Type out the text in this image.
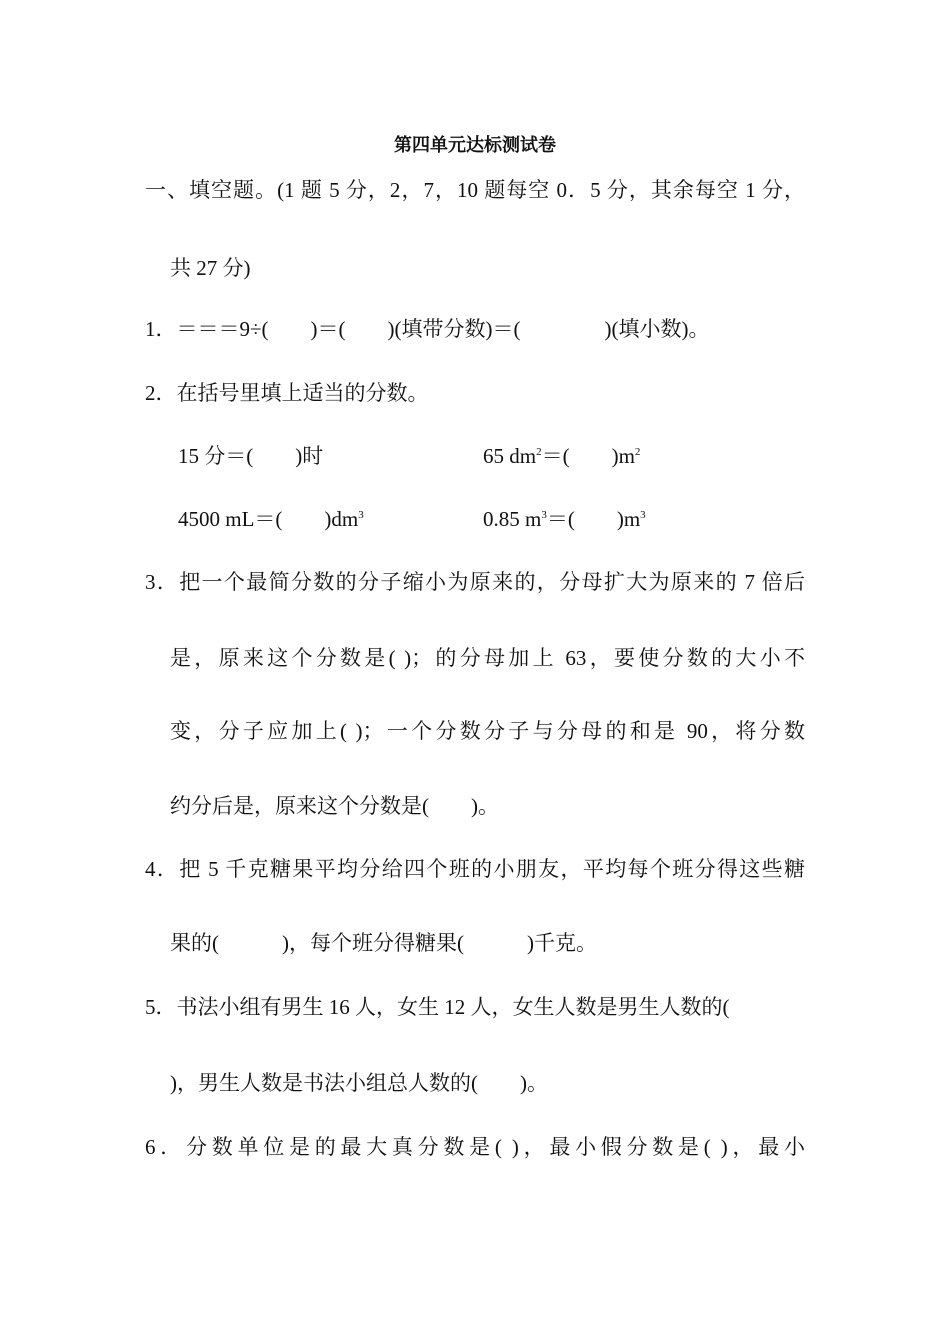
第四单元达标测试卷
一、填空题。(1 题 5 分，2，7，10 题每空 0．5 分，其余每空 1 分，
共 27 分)
1．＝＝＝9÷(        )＝(        )(填带分数)＝(                )(填小数)。
2．在括号里填上适当的分数。
15 分＝(        )时	65 $dm^2=$(        )$m^2$
4500 mL＝(        )$dm^3$	0.85 $m^3=$(        )$m^3$
3．把一个最简分数的分子缩小为原来的，分母扩大为原来的 7 倍后
是，原来这个分数是( )；的分母加上 63，要使分数的大小不
变，分子应加上( )；一个分数分子与分母的和是 90，将分数
约分后是，原来这个分数是(        )。
4．把 5 千克糖果平均分给四个班的小朋友，平均每个班分得这些糖
果的(            )，每个班分得糖果(            )千克。
5．书法小组有男生 16 人，女生 12 人，女生人数是男生人数的(
)，男生人数是书法小组总人数的(        )。
6．分数单位是的最大真分数是( )，最小假分数是( )，最小
